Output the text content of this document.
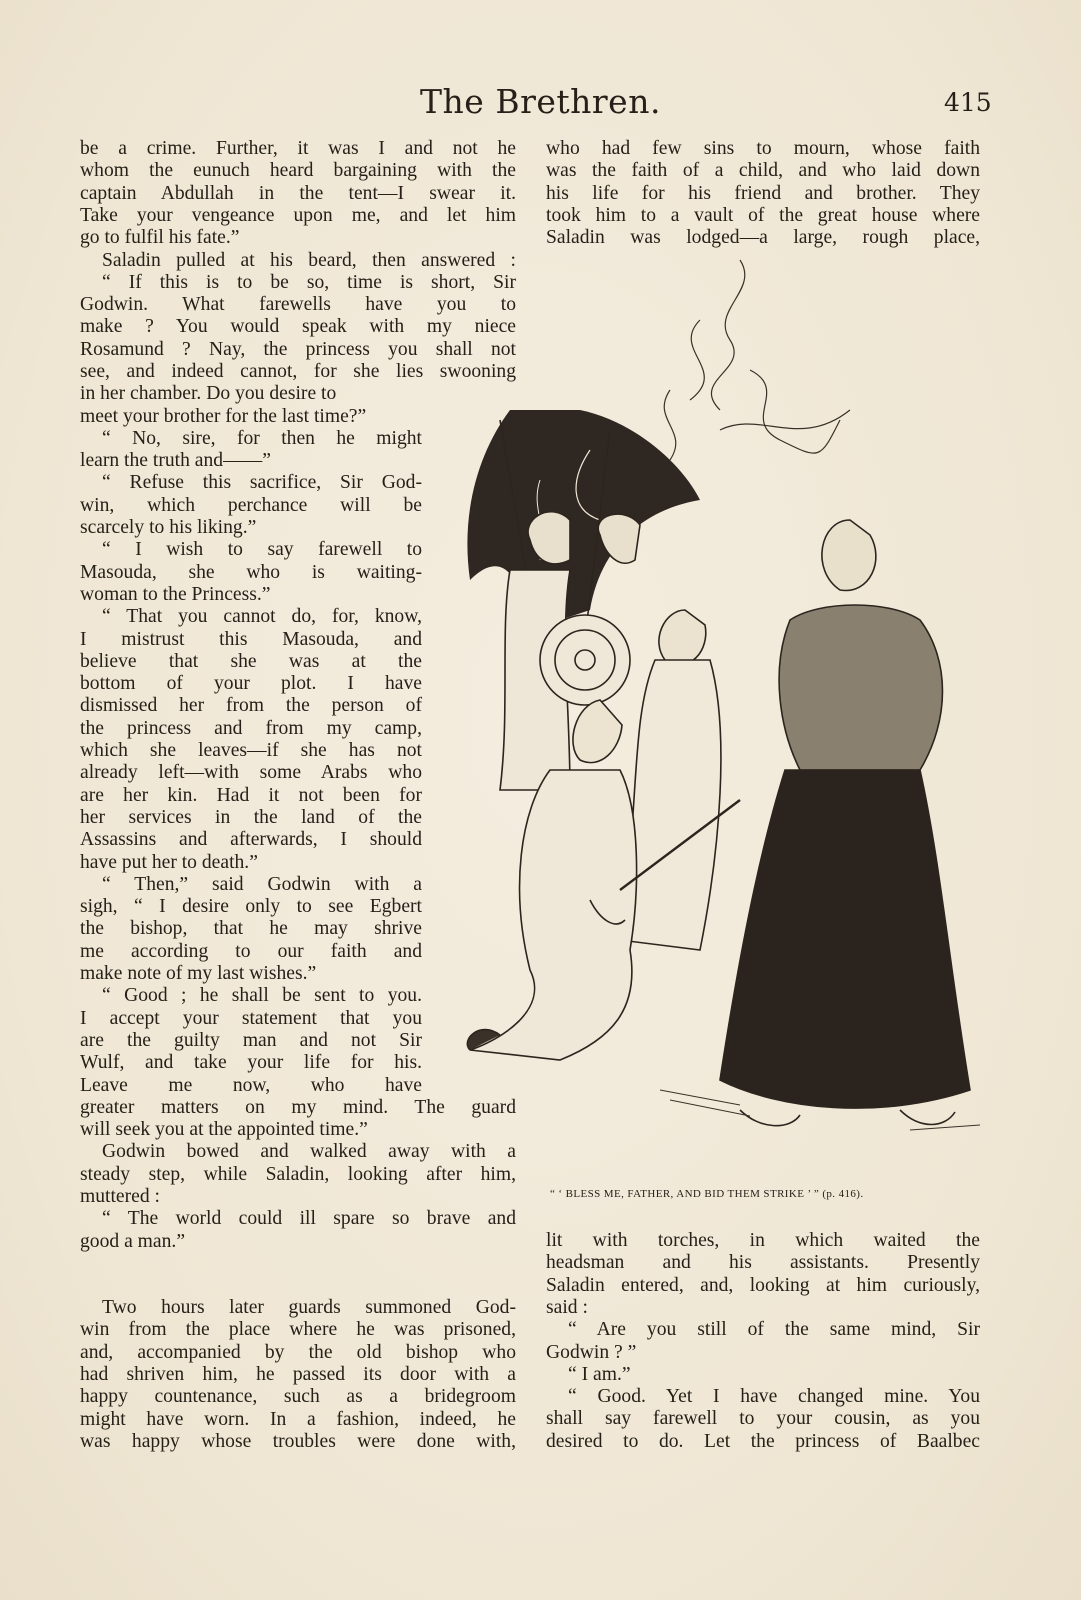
The Brethren.	415
be a crime. Further, it was I and not he
whom the eunuch heard bargaining with the
captain Abdullah in the tent—I swear it.
Take your vengeance upon me, and let him
go to fulfil his fate.”
Saladin pulled at his beard, then answered :
“ If this is to be so, time is short, Sir
Godwin. What farewells have you to
make ? You would speak with my niece
Rosamund ? Nay, the princess you shall not
see, and indeed cannot, for she lies swooning
in her chamber. Do you desire to
meet your brother for the last time?”
“ No, sire, for then he might
learn the truth and——”
“ Refuse this sacrifice, Sir God-
win, which perchance will be
scarcely to his liking.”
“ I wish to say farewell to
Masouda, she who is waiting-
woman to the Princess.”
“ That you cannot do, for, know,
I mistrust this Masouda, and
believe that she was at the
bottom of your plot. I have
dismissed her from the person of
the princess and from my camp,
which she leaves—if she has not
already left—with some Arabs who
are her kin. Had it not been for
her services in the land of the
Assassins and afterwards, I should
have put her to death.”
“ Then,” said Godwin with a
sigh, “ I desire only to see Egbert
the bishop, that he may shrive
me according to our faith and
make note of my last wishes.”
“ Good ; he shall be sent to you.
I accept your statement that you
are the guilty man and not Sir
Wulf, and take your life for his.
Leave me now, who have
greater matters on my mind. The guard
will seek you at the appointed time.”
Godwin bowed and walked away with a
steady step, while Saladin, looking after him,
muttered :
“ The world could ill spare so brave and
good a man.”
Two hours later guards summoned God-
win from the place where he was prisoned,
and, accompanied by the old bishop who
had shriven him, he passed its door with a
happy countenance, such as a bridegroom
might have worn. In a fashion, indeed, he
was happy whose troubles were done with,
who had few sins to mourn, whose faith
was the faith of a child, and who laid down
his life for his friend and brother. They
took him to a vault of the great house where
Saladin was lodged—a large, rough place,
lit with torches, in which waited the
headsman and his assistants. Presently
Saladin entered, and, looking at him curiously,
said :
“ Are you still of the same mind, Sir
Godwin ? ”
“ I am.”
“ Good. Yet I have changed mine. You
shall say farewell to your cousin, as you
desired to do. Let the princess of Baalbec
“ ‘ BLESS ME, FATHER, AND BID THEM STRIKE ’ ” (p. 416).
